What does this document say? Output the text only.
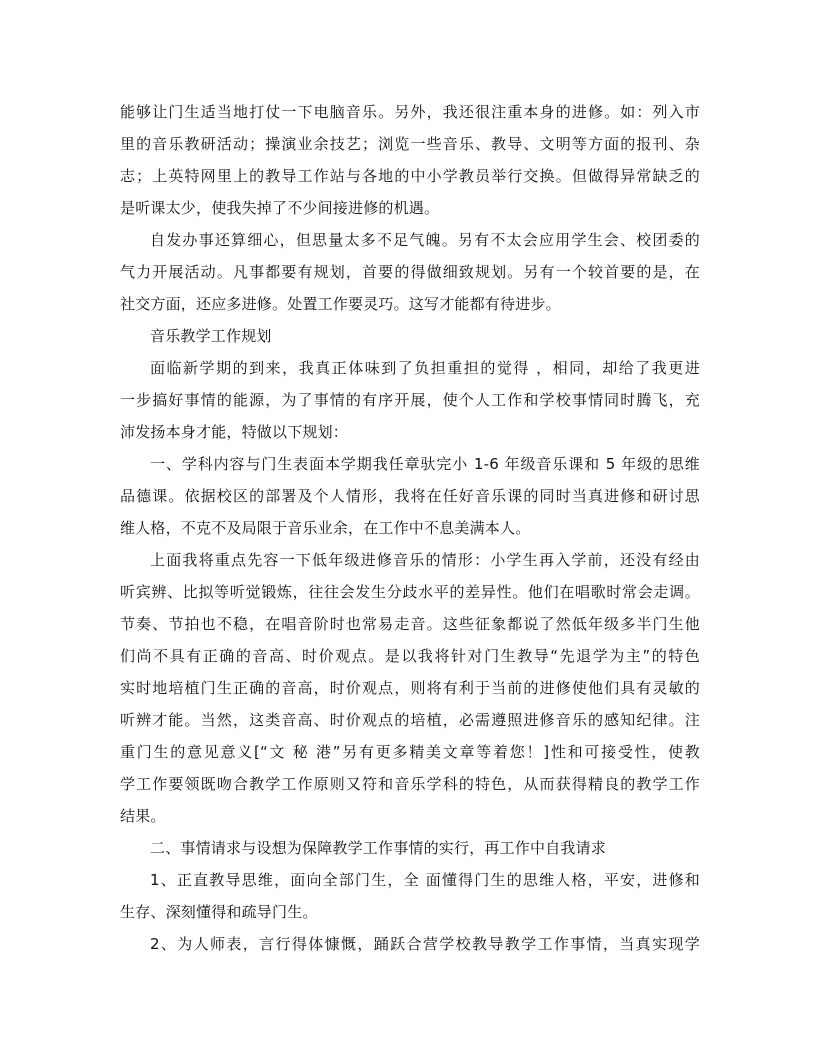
能够让门生适当地打仗一下电脑音乐。另外，我还很注重本身的进修。如：列入市
里的音乐教研活动；操演业余技艺；浏览一些音乐、教导、文明等方面的报刊、杂
志；上英特网里上的教导工作站与各地的中小学教员举行交换。但做得异常缺乏的
是听课太少，使我失掉了不少间接进修的机遇。
自发办事还算细心，但思量太多不足气魄。另有不太会应用学生会、校团委的
气力开展活动。凡事都要有规划，首要的得做细致规划。另有一个较首要的是，在
社交方面，还应多进修。处置工作要灵巧。这写才能都有待进步。
音乐教学工作规划
面临新学期的到来，我真正体味到了负担重担的觉得 ，相同，却给了我更进
一步搞好事情的能源，为了事情的有序开展，使个人工作和学校事情同时腾飞，充
沛发扬本身才能，特做以下规划：
一、学科内容与门生表面本学期我任章驮完小 1-6 年级音乐课和 5 年级的思维
品德课。依据校区的部署及个人情形，我将在任好音乐课的同时当真进修和研讨思
维人格，不克不及局限于音乐业余，在工作中不息美满本人。
上面我将重点先容一下低年级进修音乐的情形：小学生再入学前，还没有经由
听宾辨、比拟等听觉锻炼，往往会发生分歧水平的差异性。他们在唱歌时常会走调。
节奏、节拍也不稳，在唱音阶时也常易走音。这些征象都说了然低年级多半门生他
们尚不具有正确的音高、时价观点。是以我将针对门生教导“先退学为主”的特色
实时地培植门生正确的音高，时价观点，则将有利于当前的进修使他们具有灵敏的
听辨才能。当然，这类音高、时价观点的培植，必需遵照进修音乐的感知纪律。注
重门生的意见意义[“文 秘 港”另有更多精美文章等着您！]性和可接受性，使教
学工作要领既吻合教学工作原则又符和音乐学科的特色，从而获得精良的教学工作
结果。
二、事情请求与设想为保障教学工作事情的实行，再工作中自我请求
1、正直教导思维，面向全部门生，全 面懂得门生的思维人格，平安，进修和
生存、深刻懂得和疏导门生。
2、为人师表，言行得体慷慨，踊跃合营学校教导教学工作事情，当真实现学
